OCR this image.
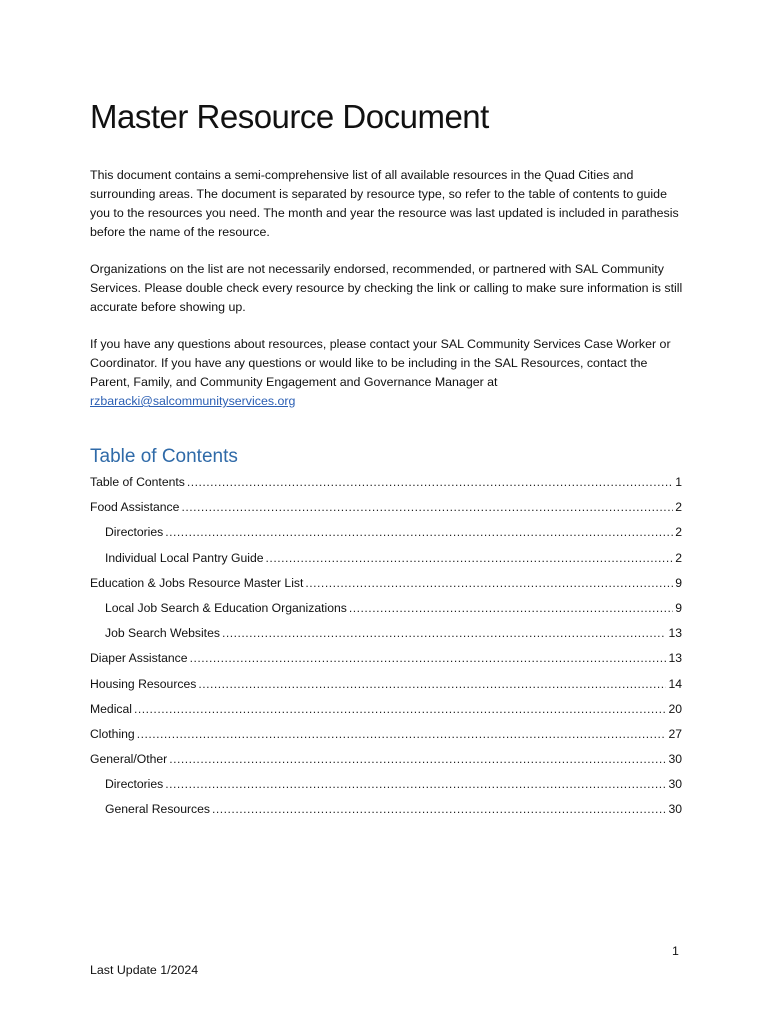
Master Resource Document

This document contains a semi-comprehensive list of all available resources in the Quad Cities and surrounding areas. The document is separated by resource type, so refer to the table of contents to guide you to the resources you need. The month and year the resource was last updated is included in parathesis before the name of the resource.

Organizations on the list are not necessarily endorsed, recommended, or partnered with SAL Community Services. Please double check every resource by checking the link or calling to make sure information is still accurate before showing up.

If you have any questions about resources, please contact your SAL Community Services Case Worker or Coordinator. If you have any questions or would like to be including in the SAL Resources, contact the Parent, Family, and Community Engagement and Governance Manager at
rzbaracki@salcommunityservices.org

Table of Contents
Table of Contents .....	1
Food Assistance .....	2
Directories .....	2
Individual Local Pantry Guide .....	2
Education & Jobs Resource Master List .....	9
Local Job Search & Education Organizations .....	9
Job Search Websites .....	13
Diaper Assistance .....	13
Housing Resources .....	14
Medical .....	20
Clothing .....	27
General/Other .....	30
Directories .....	30
General Resources .....	30
1
Last Update 1/2024
